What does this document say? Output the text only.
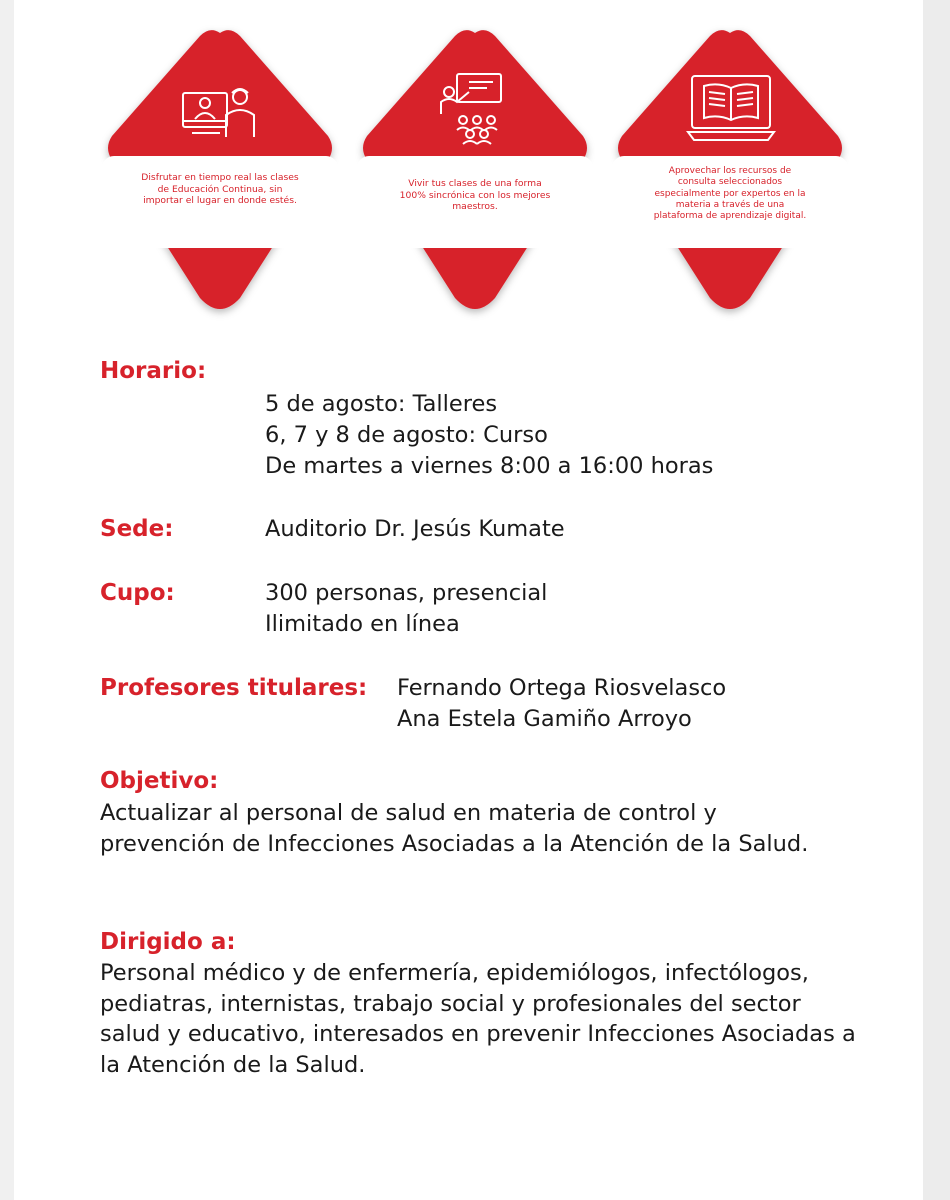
Disfrutar en tiempo real las clases de Educación Continua, sin importar el lugar en donde estés.
Vivir tus clases de una forma 100% sincrónica con los mejores maestros.
Aprovechar los recursos de consulta seleccionados especialmente por expertos en la materia a través de una plataforma de aprendizaje digital.
Horario:
5 de agosto: Talleres
6, 7 y 8 de agosto: Curso
De martes a viernes 8:00 a 16:00 horas
Sede:	Auditorio Dr. Jesús Kumate
Cupo:	300 personas, presencial
Ilimitado en línea
Profesores titulares: Fernando Ortega Riosvelasco
Ana Estela Gamiño Arroyo
Objetivo:
Actualizar al personal de salud en materia de control y prevención de Infecciones Asociadas a la Atención de la Salud.
Dirigido a:
Personal médico y de enfermería, epidemiólogos, infectólogos, pediatras, internistas, trabajo social y profesionales del sector salud y educativo, interesados en prevenir Infecciones Asociadas a la Atención de la Salud.
